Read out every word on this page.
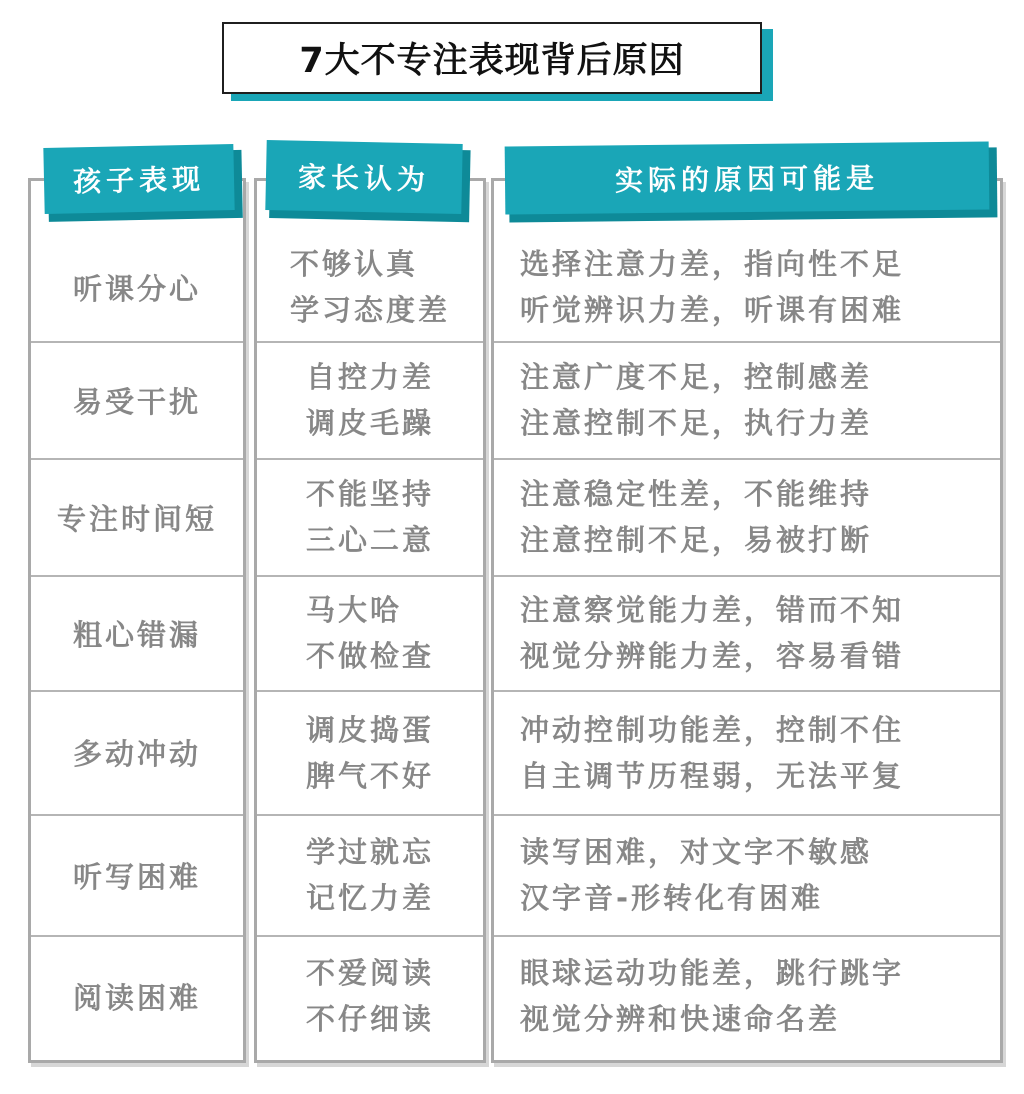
7大不专注表现背后原因
孩子表现	家长认为	实际的原因可能是
听课分心
不够认真
学习态度差
选择注意力差，指向性不足
听觉辨识力差，听课有困难
易受干扰
自控力差
调皮毛躁
注意广度不足，控制感差
注意控制不足，执行力差
专注时间短
不能坚持
三心二意
注意稳定性差，不能维持
注意控制不足，易被打断
粗心错漏
马大哈
不做检查
注意察觉能力差，错而不知
视觉分辨能力差，容易看错
多动冲动
调皮捣蛋
脾气不好
冲动控制功能差，控制不住
自主调节历程弱，无法平复
听写困难
学过就忘
记忆力差
读写困难，对文字不敏感
汉字音-形转化有困难
阅读困难
不爱阅读
不仔细读
眼球运动功能差，跳行跳字
视觉分辨和快速命名差
